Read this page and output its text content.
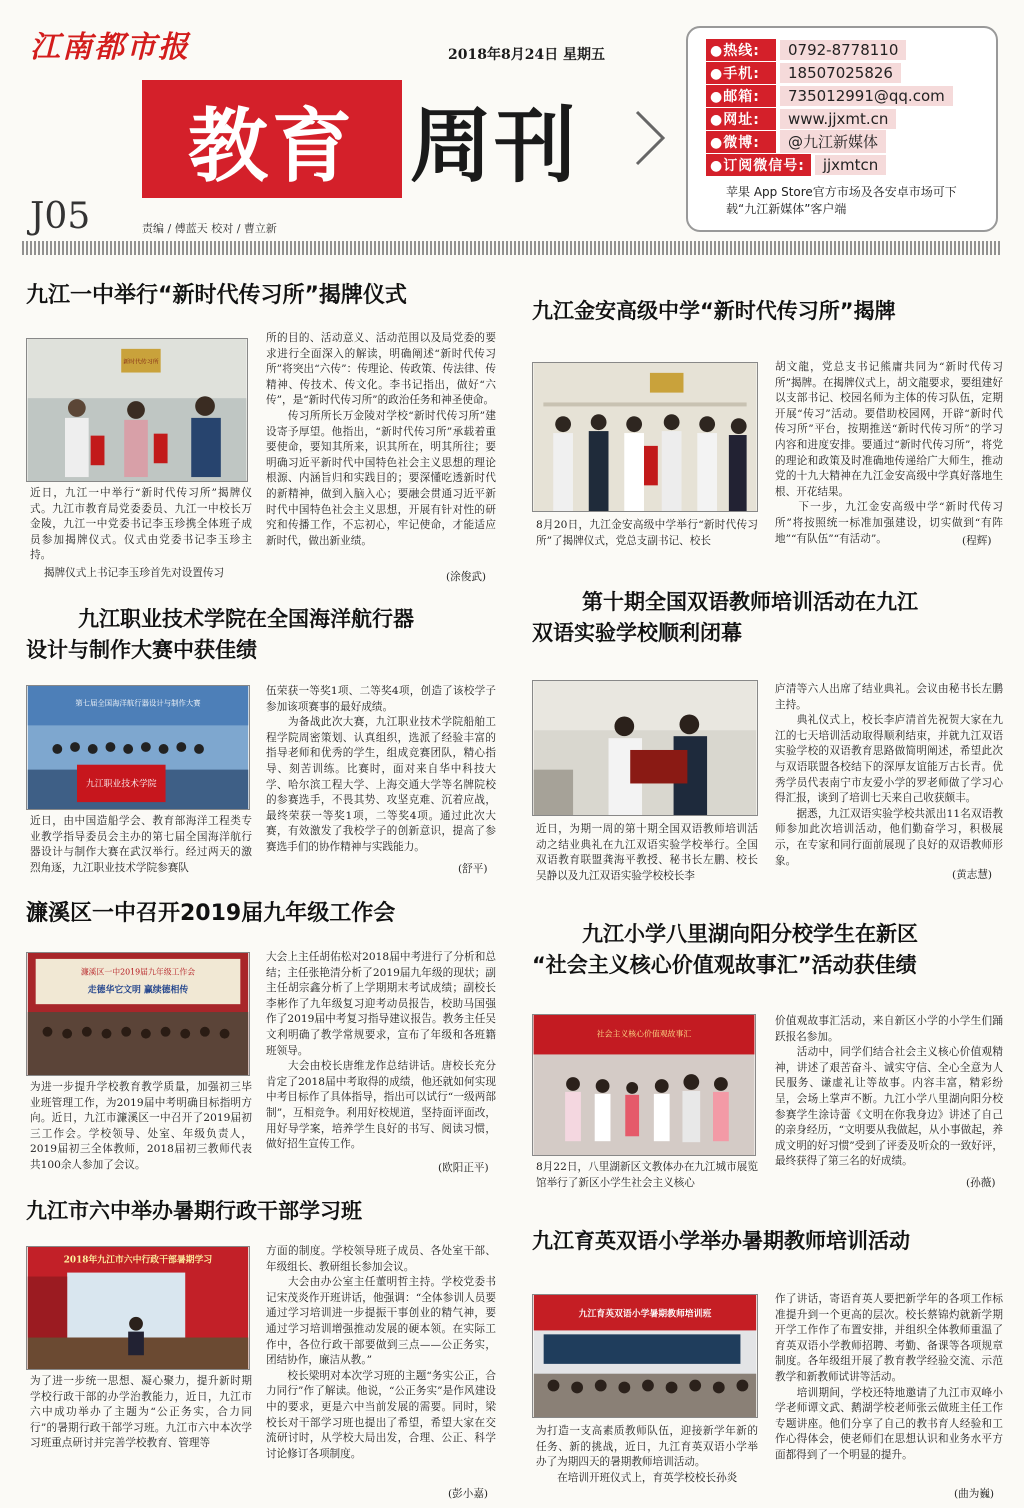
江南都市报	2018年8月24日 星期五
教育 周刊
J05	责编 / 傅蓝天 校对 / 曹立新
●热线:	0792-8778110
●手机:	18507025826
●邮箱:	735012991@qq.com
●网址:	www.jjxmt.cn
●微博:	@九江新媒体
●订阅微信号:	jjxmtcn
苹果 App Store官方市场及各安卓市场可下载“九江新媒体”客户端
九江一中举行“新时代传习所”揭牌仪式
新时代传习所
近日，九江一中举行“新时代传习所”揭牌仪式。九江市教育局党委委员、九江一中校长万金陵，九江一中党委书记李玉珍携全体班子成员参加揭牌仪式。仪式由党委书记李玉珍主持。
揭牌仪式上书记李玉珍首先对设置传习
所的目的、活动意义、活动范围以及局党委的要求进行全面深入的解读，明确阐述“新时代传习所”将突出“六传”：传理论、传政策、传法律、传精神、传技术、传文化。李书记指出，做好“六传”，是“新时代传习所”的政治任务和神圣使命。
　　传习所所长万金陵对学校“新时代传习所”建设寄予厚望。他指出，“新时代传习所”承载着重要使命，要知其所来，识其所在，明其所往；要明确习近平新时代中国特色社会主义思想的理论根源、内涵旨归和实践目的；要深懂吃透新时代的新精神，做到入脑入心；要融会贯通习近平新时代中国特色社会主义思想，开展有针对性的研究和传播工作，不忘初心，牢记使命，才能适应新时代，做出新业绩。
(涂俊武)
九江金安高级中学“新时代传习所”揭牌
8月20日，九江金安高级中学举行“新时代传习所”了揭牌仪式，党总支副书记、校长
胡文龍，党总支书记熊庸共同为“新时代传习所”揭牌。在揭牌仪式上，胡文龍要求，要组建好以支部书记、校园名师为主体的传习队伍，定期开展“传习”活动。要借助校园网，开辟“新时代传习所”平台，按期推送“新时代传习所”的学习内容和进度安排。要通过“新时代传习所”，将党的理论和政策及时准确地传递给广大师生，推动党的十九大精神在九江金安高级中学真好落地生根、开花结果。
　　下一步，九江金安高级中学“新时代传习所”将按照统一标准加强建设，切实做到“有阵地”“有队伍”“有活动”。	(程辉)
九江职业技术学院在全国海洋航行器
设计与制作大赛中获佳绩
第七届全国海洋航行器设计与制作大赛
九江职业技术学院
近日，由中国造船学会、教育部海洋工程类专业教学指导委员会主办的第七届全国海洋航行器设计与制作大赛在武汉举行。经过两天的激烈角逐，九江职业技术学院参赛队
伍荣获一等奖1项、二等奖4项，创造了该校学子参加该项赛事的最好成绩。
　　为备战此次大赛，九江职业技术学院船舶工程学院周密策划、认真组织，选派了经验丰富的指导老师和优秀的学生，组成竞赛团队，精心指导、刻苦训练。比赛时，面对来自华中科技大学、哈尔滨工程大学、上海交通大学等名牌院校的参赛选手，不畏其势、攻坚克难、沉着应战，最终荣获一等奖1项，二等奖4项。通过此次大赛，有效激发了我校学子的创新意识，提高了参赛选手们的协作精神与实践能力。
(舒平)
第十期全国双语教师培训活动在九江
双语实验学校顺利闭幕
近日，为期一周的第十期全国双语教师培训活动之结业典礼在九江双语实验学校举行。全国双语教育联盟龚海平教授、秘书长左鹏、校长吴静以及九江双语实验学校校长李
庐清等六人出席了结业典礼。会议由秘书长左鹏主持。
　　典礼仪式上，校长李庐清首先祝贺大家在九江的七天培训活动取得顺利结束，并就九江双语实验学校的双语教育思路做简明阐述，希望此次与双语联盟各校结下的深厚友谊能万古长青。优秀学员代表南宁市友爱小学的罗老师做了学习心得汇报，谈到了培训七天来自己收获颇丰。
　　据悉，九江双语实验学校共派出11名双语教师参加此次培训活动，他们勤奋学习，积极展示，在专家和同行面前展现了良好的双语教师形象。
(黄志慧)
濂溪区一中召开2019届九年级工作会
濂溪区一中2019届九年级工作会
走德华它文明 赢续德相传
为进一步提升学校教育教学质量，加强初三毕业班管理工作，为2019届中考明确目标指明方向。近日，九江市濂溪区一中召开了2019届初三工作会。学校领导、处室、年级负责人，2019届初三全体教师，2018届初三教师代表共100余人参加了会议。
大会上主任胡佑松对2018届中考进行了分析和总结；主任张艳清分析了2019届九年级的现状；副主任胡宗鑫分析了上学期期末考试成绩；副校长李彬作了九年级复习迎考动员报告，校助马国强作了2019届中考复习指导建议报告。教务主任吴文利明确了教学常规要求，宣布了年级和各班籍班领导。
　　大会由校长唐维龙作总结讲话。唐校长充分肯定了2018届中考取得的成绩，他还就如何实现中考目标作了具体指导，指出可以试行“一级两部制”，互相竞争。利用好校规道，坚持面评面改，用好导学案，培养学生良好的书写、阅读习惯，做好招生宣传工作。
(欧阳正平)
九江小学八里湖向阳分校学生在新区
“社会主义核心价值观故事汇”活动获佳绩
社会主义核心价值观故事汇
8月22日，八里湖新区文教体办在九江城市展览馆举行了新区小学生社会主义核心
价值观故事汇活动，来自新区小学的小学生们踊跃报名参加。
　　活动中，同学们结合社会主义核心价值观精神，讲述了艰苦奋斗、诚实守信、全心全意为人民服务、谦虚礼让等故事。内容丰富，精彩纷呈，会场上掌声不断。九江小学八里湖向阳分校参赛学生涂诗蕾《文明在你我身边》讲述了自己的亲身经历，“文明要从我做起，从小事做起，养成文明的好习惯”受到了评委及听众的一致好评，最终获得了第三名的好成绩。
(孙薇)
九江市六中举办暑期行政干部学习班
2018年九江市六中行政干部暑期学习
为了进一步统一思想、凝心聚力，提升新时期学校行政干部的办学治教能力，近日，九江市六中成功举办了主题为“公正务实，合力同行”的暑期行政干部学习班。九江市六中本次学习班重点研讨并完善学校教育、管理等
方面的制度。学校领导班子成员、各处室干部、年级组长、教研组长参加会议。
　　大会由办公室主任董明哲主持。学校党委书记宋茂炎作开班讲话，他强调：“全体参训人员要通过学习培训进一步提振干事创业的精气神，要通过学习培训增强推动发展的硬本领。在实际工作中，各位行政干部要做到三点——公正务实，团结协作，廉洁从教。”
　　校长梁明对本次学习班的主题“务实公正，合力同行”作了解读。他说，“公正务实”是作风建设中的要求，更是六中当前发展的需要。同时，梁校长对干部学习班也提出了希望，希望大家在交流研讨时，从学校大局出发，合理、公正、科学讨论修订各项制度。
(彭小嘉)
九江育英双语小学举办暑期教师培训活动
九江育英双语小学暑期教师培训班
为打造一支高素质教师队伍，迎接新学年新的任务、新的挑战，近日，九江育英双语小学举办了为期四天的暑期教师培训活动。
　　在培训开班仪式上，育英学校校长孙炎
作了讲话，寄语育英人要把新学年的各项工作标准提升到一个更高的层次。校长蔡锦灼就新学期开学工作作了布置安排，并组织全体教师重温了育英双语小学教师招聘、考勤、备课等各项规章制度。各年级组开展了教育教学经验交流、示范教学和新教师试讲等活动。
　　培训期间，学校还特地邀请了九江市双峰小学老师谭文武、鹅湖学校老师张云做班主任工作专题讲座。他们分享了自己的教书育人经验和工作心得体会，使老师们在思想认识和业务水平方面都得到了一个明显的提升。
(曲为巍)
